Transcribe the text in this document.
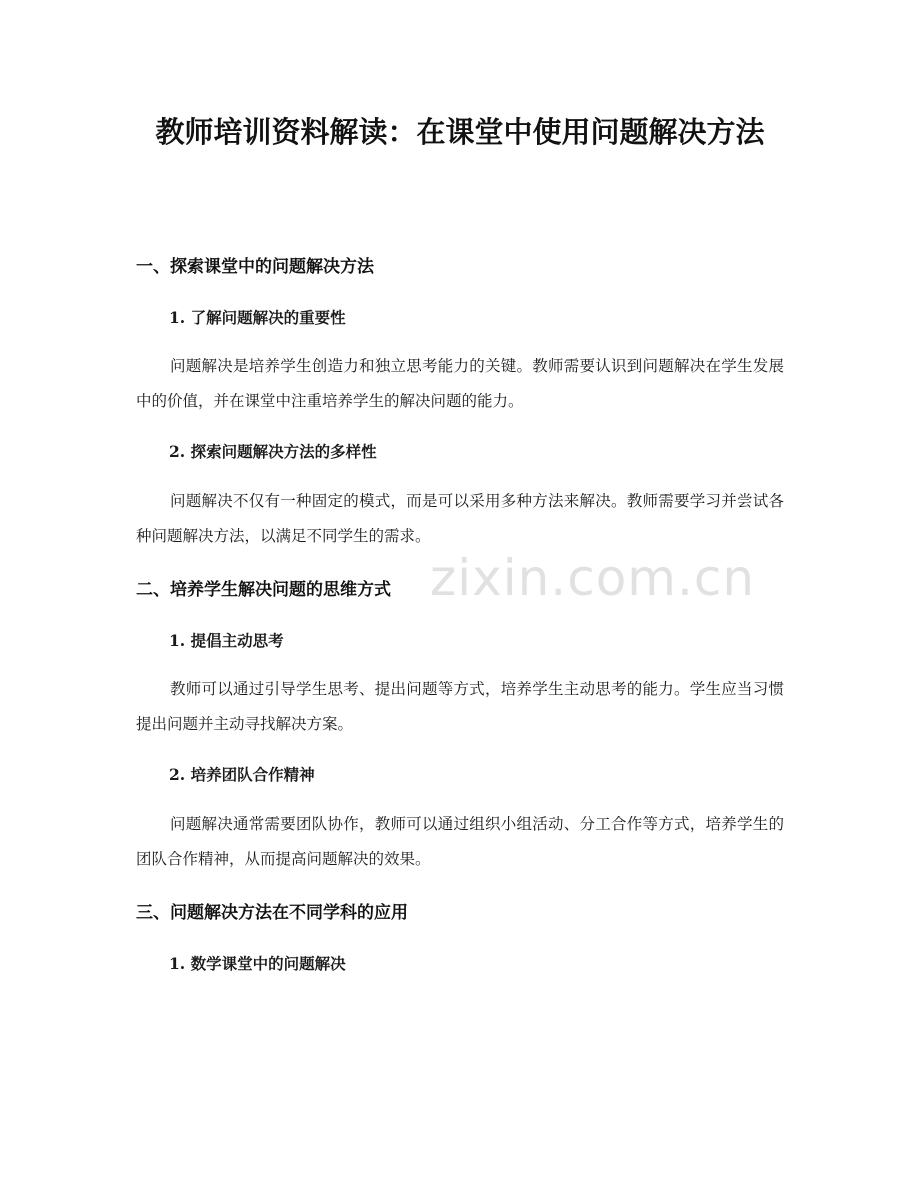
教师培训资料解读：在课堂中使用问题解决方法
一、探索课堂中的问题解决方法
1. 了解问题解决的重要性

问题解决是培养学生创造力和独立思考能力的关键。教师需要认识到问题解决在学生发展中的价值，并在课堂中注重培养学生的解决问题的能力。

2. 探索问题解决方法的多样性

问题解决不仅有一种固定的模式，而是可以采用多种方法来解决。教师需要学习并尝试各种问题解决方法，以满足不同学生的需求。

zixin.com.cn
二、培养学生解决问题的思维方式
1. 提倡主动思考

教师可以通过引导学生思考、提出问题等方式，培养学生主动思考的能力。学生应当习惯提出问题并主动寻找解决方案。

2. 培养团队合作精神

问题解决通常需要团队协作，教师可以通过组织小组活动、分工合作等方式，培养学生的团队合作精神，从而提高问题解决的效果。

三、问题解决方法在不同学科的应用
1. 数学课堂中的问题解决
